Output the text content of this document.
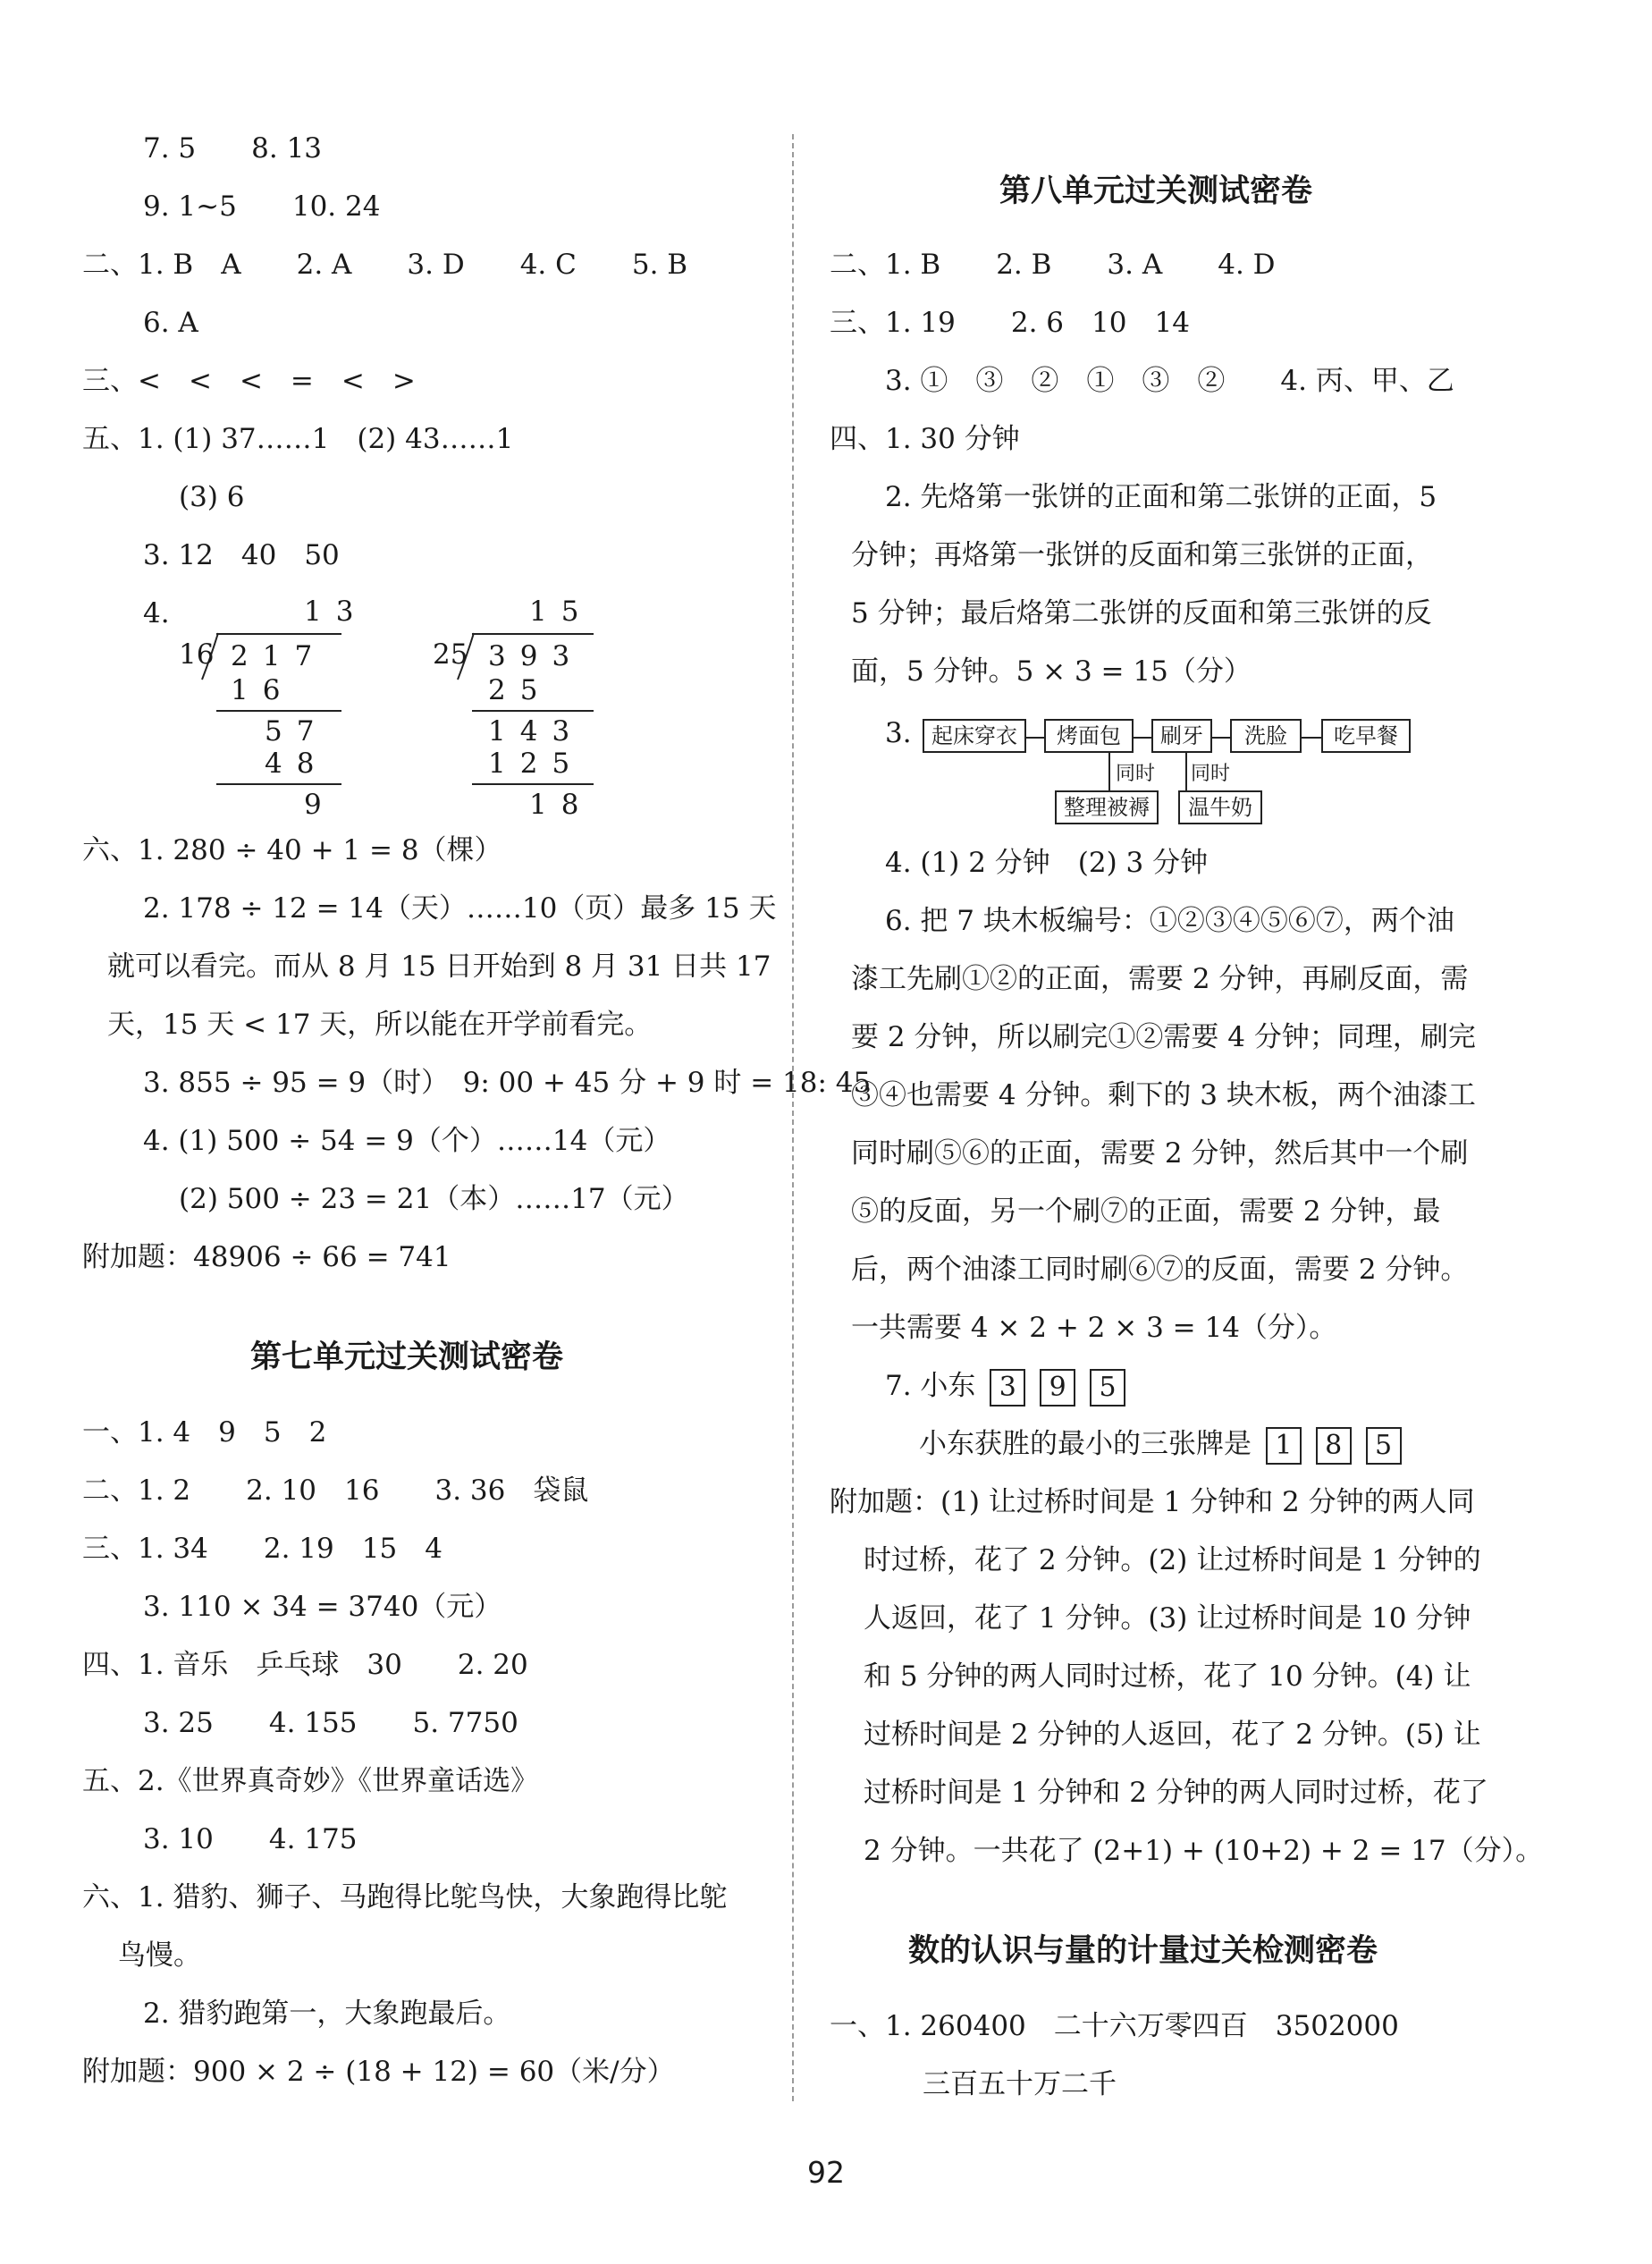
7. 5　　8. 13
9. 1~5　　10. 24
二、1. B　A　　2. A　　3. D　　4. C　　5. B
6. A
三、<　<　<　=　<　>
五、1. (1) 37……1　(2) 43……1
(3) 6
3. 12　40　50
4.	13
16 217
16
57
48
9
15
25 393
25
143
125
18
六、1. 280 ÷ 40 + 1 = 8（棵）
2. 178 ÷ 12 = 14（天）……10（页）最多 15 天
就可以看完。而从 8 月 15 日开始到 8 月 31 日共 17
天，15 天 < 17 天，所以能在开学前看完。
3. 855 ÷ 95 = 9（时）　9: 00 + 45 分 + 9 时 = 18: 45
4. (1) 500 ÷ 54 = 9（个）……14（元）
(2) 500 ÷ 23 = 21（本）……17（元）
附加题：48906 ÷ 66 = 741
第七单元过关测试密卷
一、1. 4　9　5　2
二、1. 2　　2. 10　16　　3. 36　袋鼠
三、1. 34　　2. 19　15　4
3. 110 × 34 = 3740（元）
四、1. 音乐　乒乓球　30　　2. 20
3. 25　　4. 155　　5. 7750
五、2.《世界真奇妙》《世界童话选》
3. 10　　4. 175
六、1. 猎豹、狮子、马跑得比鸵鸟快，大象跑得比鸵
鸟慢。
2. 猎豹跑第一，大象跑最后。
附加题：900 × 2 ÷ (18 + 12) = 60（米/分）
第八单元过关测试密卷
二、1. B　　2. B　　3. A　　4. D
三、1. 19　　2. 6　10　14
3. ①　③　②　①　③　②　　4. 丙、甲、乙
四、1. 30 分钟
2. 先烙第一张饼的正面和第二张饼的正面，5
分钟；再烙第一张饼的反面和第三张饼的正面，
5 分钟；最后烙第二张饼的反面和第三张饼的反
面，5 分钟。5 × 3 = 15（分）
3. 起床穿衣	烤面包	刷牙	洗脸	吃早餐
同时
整理被褥
同时
温牛奶
4. (1) 2 分钟　(2) 3 分钟
6. 把 7 块木板编号：①②③④⑤⑥⑦，两个油
漆工先刷①②的正面，需要 2 分钟，再刷反面，需
要 2 分钟，所以刷完①②需要 4 分钟；同理，刷完
③④也需要 4 分钟。剩下的 3 块木板，两个油漆工
同时刷⑤⑥的正面，需要 2 分钟，然后其中一个刷
⑤的反面，另一个刷⑦的正面，需要 2 分钟，最
后，两个油漆工同时刷⑥⑦的反面，需要 2 分钟。
一共需要 4 × 2 + 2 × 3 = 14（分）。
7. 小东 3 9 5
小东获胜的最小的三张牌是 1 8 5
附加题：(1) 让过桥时间是 1 分钟和 2 分钟的两人同
时过桥，花了 2 分钟。(2) 让过桥时间是 1 分钟的
人返回，花了 1 分钟。(3) 让过桥时间是 10 分钟
和 5 分钟的两人同时过桥，花了 10 分钟。(4) 让
过桥时间是 2 分钟的人返回，花了 2 分钟。(5) 让
过桥时间是 1 分钟和 2 分钟的两人同时过桥，花了
2 分钟。一共花了 (2+1) + (10+2) + 2 = 17（分）。
数的认识与量的计量过关检测密卷
一、1. 260400　二十六万零四百　3502000
三百五十万二千
92
